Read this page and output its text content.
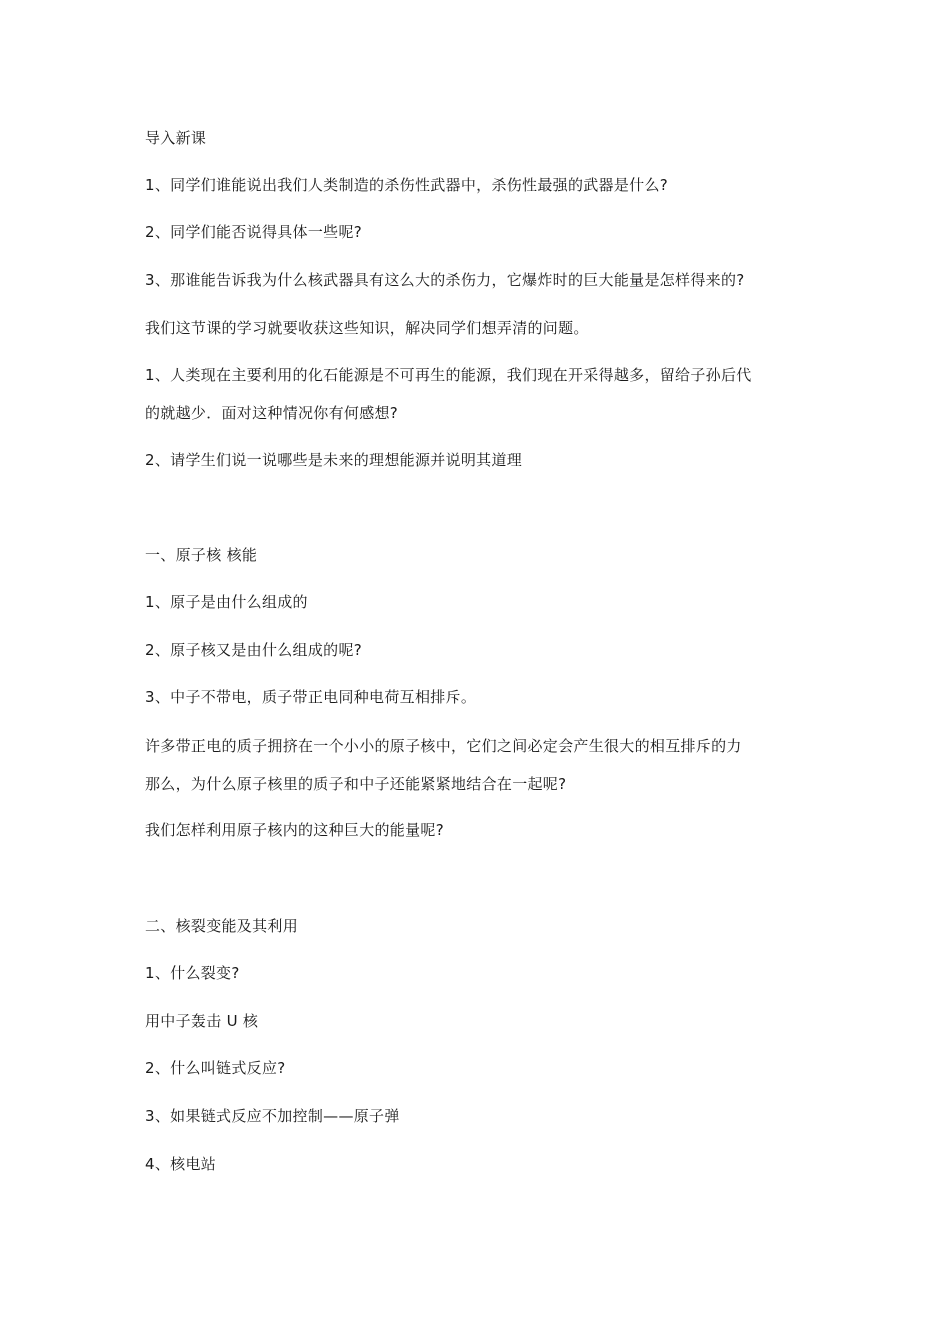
导入新课
1、同学们谁能说出我们人类制造的杀伤性武器中，杀伤性最强的武器是什么?
2、同学们能否说得具体一些呢?
3、那谁能告诉我为什么核武器具有这么大的杀伤力，它爆炸时的巨大能量是怎样得来的?
我们这节课的学习就要收获这些知识，解决同学们想弄清的问题。
1、人类现在主要利用的化石能源是不可再生的能源，我们现在开采得越多，留给子孙后代
的就越少．面对这种情况你有何感想?
2、请学生们说一说哪些是未来的理想能源并说明其道理
一、原子核 核能
1、原子是由什么组成的
2、原子核又是由什么组成的呢?
3、中子不带电，质子带正电同种电荷互相排斥。
许多带正电的质子拥挤在一个小小的原子核中，它们之间必定会产生很大的相互排斥的力
那么，为什么原子核里的质子和中子还能紧紧地结合在一起呢?
我们怎样利用原子核内的这种巨大的能量呢?
二、核裂变能及其利用
1、什么裂变?
用中子轰击 U 核
2、什么叫链式反应?
3、如果链式反应不加控制——原子弹
4、核电站
